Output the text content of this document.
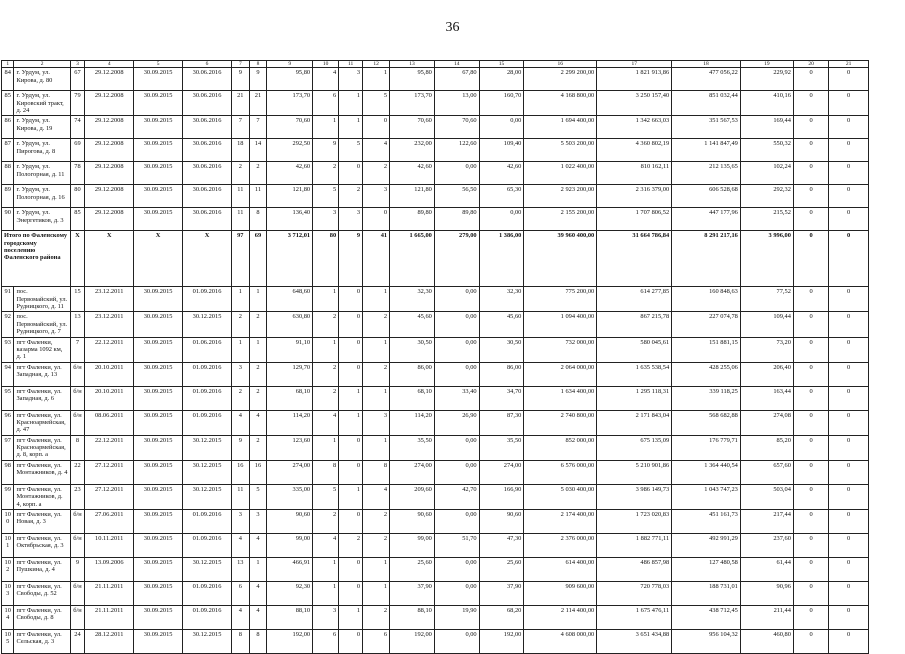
36
1	2	3	4	5	6	7	8	9	10	11	12	13	14	15	16	17	18	19	20	21
84	г. Урдум, ул. Кирова, д. 80	67	29.12.2008	30.09.2015	30.06.2016	9	9	95,80	4	3	1	95,80	67,80	28,00	2 299 200,00	1 821 913,86	477 056,22	229,92	0	0
85	г. Урдум, ул. Кировский тракт, д. 24	79	29.12.2008	30.09.2015	30.06.2016	21	21	173,70	6	1	5	173,70	13,00	160,70	4 168 800,00	3 250 157,40	851 032,44	410,16	0	0
86	г. Урдум, ул. Кирова, д. 19	74	29.12.2008	30.09.2015	30.06.2016	7	7	70,60	1	1	0	70,60	70,60	0,00	1 694 400,00	1 342 663,03	351 567,53	169,44	0	0
87	г. Урдум, ул. Пирогова, д. 8	69	29.12.2008	30.09.2015	30.06.2016	18	14	292,50	9	5	4	232,00	122,60	109,40	5 503 200,00	4 360 802,19	1 141 847,49	550,32	0	0
88	г. Урдум, ул. Пологорная, д. 11	78	29.12.2008	30.09.2015	30.06.2016	2	2	42,60	2	0	2	42,60	0,00	42,60	1 022 400,00	810 162,11	212 135,65	102,24	0	0
89	г. Урдум, ул. Пологорная, д. 16	80	29.12.2008	30.09.2015	30.06.2016	11	11	121,80	5	2	3	121,80	56,50	65,30	2 923 200,00	2 316 379,00	606 528,68	292,32	0	0
90	г. Урдум, ул. Энергетиков, д. 3	85	29.12.2008	30.09.2015	30.06.2016	11	8	136,40	3	3	0	89,80	89,80	0,00	2 155 200,00	1 707 806,52	447 177,96	215,52	0	0
Итого по Фаленскому городскому поселению Фаленского района		X	X	X	X	97	69	3 712,01	80	9	41	1 665,00	279,00	1 386,00	39 960 400,00	31 664 786,84	8 291 217,16	3 996,00	0	0
91	пос. Первомайский, ул. Рудницкого, д. 11	15	23.12.2011	30.09.2015	01.09.2016	1	1	648,60	1	0	1	32,30	0,00	32,30	775 200,00	614 277,85	160 848,63	77,52	0	0
92	пос. Первомайский, ул. Рудницкого, д. 7	13	23.12.2011	30.09.2015	30.12.2015	2	2	630,80	2	0	2	45,60	0,00	45,60	1 094 400,00	867 215,78	227 074,78	109,44	0	0
93	пгт Фаленки, казарма 1092 км, д. 1	7	22.12.2011	30.09.2015	01.06.2016	1	1	91,10	1	0	1	30,50	0,00	30,50	732 000,00	580 045,61	151 881,15	73,20	0	0
94	пгт Фаленки, ул. Западная, д. 13	б/н	20.10.2011	30.09.2015	01.09.2016	3	2	129,70	2	0	2	86,00	0,00	86,00	2 064 000,00	1 635 538,54	428 255,06	206,40	0	0
95	пгт Фаленки, ул. Западная, д. 6	б/н	20.10.2011	30.09.2015	01.09.2016	2	2	68,10	2	1	1	68,10	33,40	34,70	1 634 400,00	1 295 118,31	339 118,25	163,44	0	0
96	пгт Фаленки, ул. Красноармейская, д. 47	б/н	08.06.2011	30.09.2015	01.09.2016	4	4	114,20	4	1	3	114,20	26,90	87,30	2 740 800,00	2 171 843,04	568 682,88	274,08	0	0
97	пгт Фаленки, ул. Красноармейская, д. 8, корп. а	8	22.12.2011	30.09.2015	30.12.2015	9	2	123,60	1	0	1	35,50	0,00	35,50	852 000,00	675 135,09	176 779,71	85,20	0	0
98	пгт Фаленки, ул. Монтажников, д. 4	22	27.12.2011	30.09.2015	30.12.2015	16	16	274,00	8	0	8	274,00	0,00	274,00	6 576 000,00	5 210 901,86	1 364 440,54	657,60	0	0
99	пгт Фаленки, ул. Монтажников, д. 4, корп. а	23	27.12.2011	30.09.2015	30.12.2015	11	5	335,00	5	1	4	209,60	42,70	166,90	5 030 400,00	3 986 149,73	1 043 747,23	503,04	0	0
100	пгт Фаленки, ул. Новая, д. 3	б/н	27.06.2011	30.09.2015	01.09.2016	3	3	90,60	2	0	2	90,60	0,00	90,60	2 174 400,00	1 723 020,83	451 161,73	217,44	0	0
101	пгт Фаленки, ул. Октябрьская, д. 3	б/н	10.11.2011	30.09.2015	01.09.2016	4	4	99,00	4	2	2	99,00	51,70	47,30	2 376 000,00	1 882 771,11	492 991,29	237,60	0	0
102	пгт Фаленки, ул. Пушкина, д. 4	9	13.09.2006	30.09.2015	30.12.2015	13	1	466,91	1	0	1	25,60	0,00	25,60	614 400,00	486 857,98	127 480,58	61,44	0	0
103	пгт Фаленки, ул. Свободы, д. 52	б/н	21.11.2011	30.09.2015	01.09.2016	6	4	92,30	1	0	1	37,90	0,00	37,90	909 600,00	720 778,03	188 731,01	90,96	0	0
104	пгт Фаленки, ул. Свободы, д. 8	б/н	21.11.2011	30.09.2015	01.09.2016	4	4	88,10	3	1	2	88,10	19,90	68,20	2 114 400,00	1 675 476,11	438 712,45	211,44	0	0
105	пгт Фаленки, ул. Сельская, д. 3	24	28.12.2011	30.09.2015	30.12.2015	8	8	192,00	6	0	6	192,00	0,00	192,00	4 608 000,00	3 651 434,88	956 104,32	460,80	0	0
